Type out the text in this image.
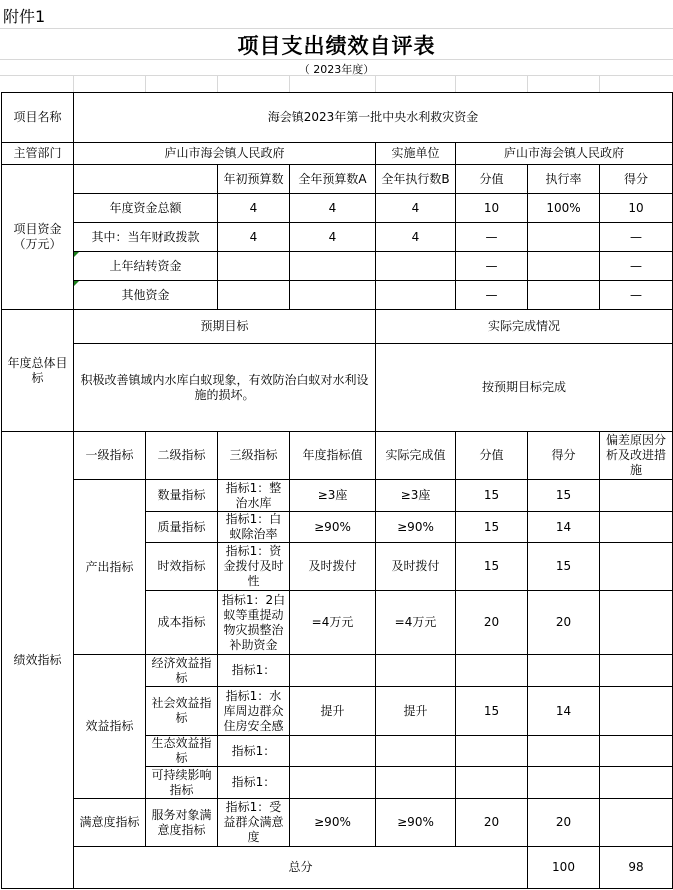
附件1
项目支出绩效自评表
（ 2023年度）
项目名称	海会镇2023年第一批中央水利救灾资金								
主管部门	庐山市海会镇人民政府				实施单位	庐山市海会镇人民政府			
项目资金（万元）			年初预算数	全年预算数A	全年执行数B	分值	执行率	得分	
	年度资金总额		4	4	4	10	100%	10	
	其中：当年财政拨款		4	4	4	—		—	
	上年结转资金					—		—	
	其他资金					—		—	
年度总体目标	预期目标				实际完成情况				
	积极改善镇域内水库白蚁现象，有效防治白蚁对水利设施的损坏。				按预期目标完成				
绩效指标	一级指标	二级指标	三级指标	年度指标值	实际完成值	分值	得分	偏差原因分析及改进措施	
	产出指标	数量指标	指标1：整治水库	≥3座	≥3座	15	15		
		质量指标	指标1：白蚁除治率	≥90%	≥90%	15	14		
		时效指标	指标1：资金拨付及时性	及时拨付	及时拨付	15	15		
		成本指标	指标1：2白蚁等重提动物灾损整治补助资金	=4万元	=4万元	20	20		
	效益指标	经济效益指标	指标1：						
		社会效益指标	指标1：水库周边群众住房安全感	提升	提升	15	14		
		生态效益指标	指标1：						
		可持续影响指标	指标1：						
	满意度指标	服务对象满意度指标	指标1：受益群众满意度	≥90%	≥90%	20	20		
	总分						100	98	
